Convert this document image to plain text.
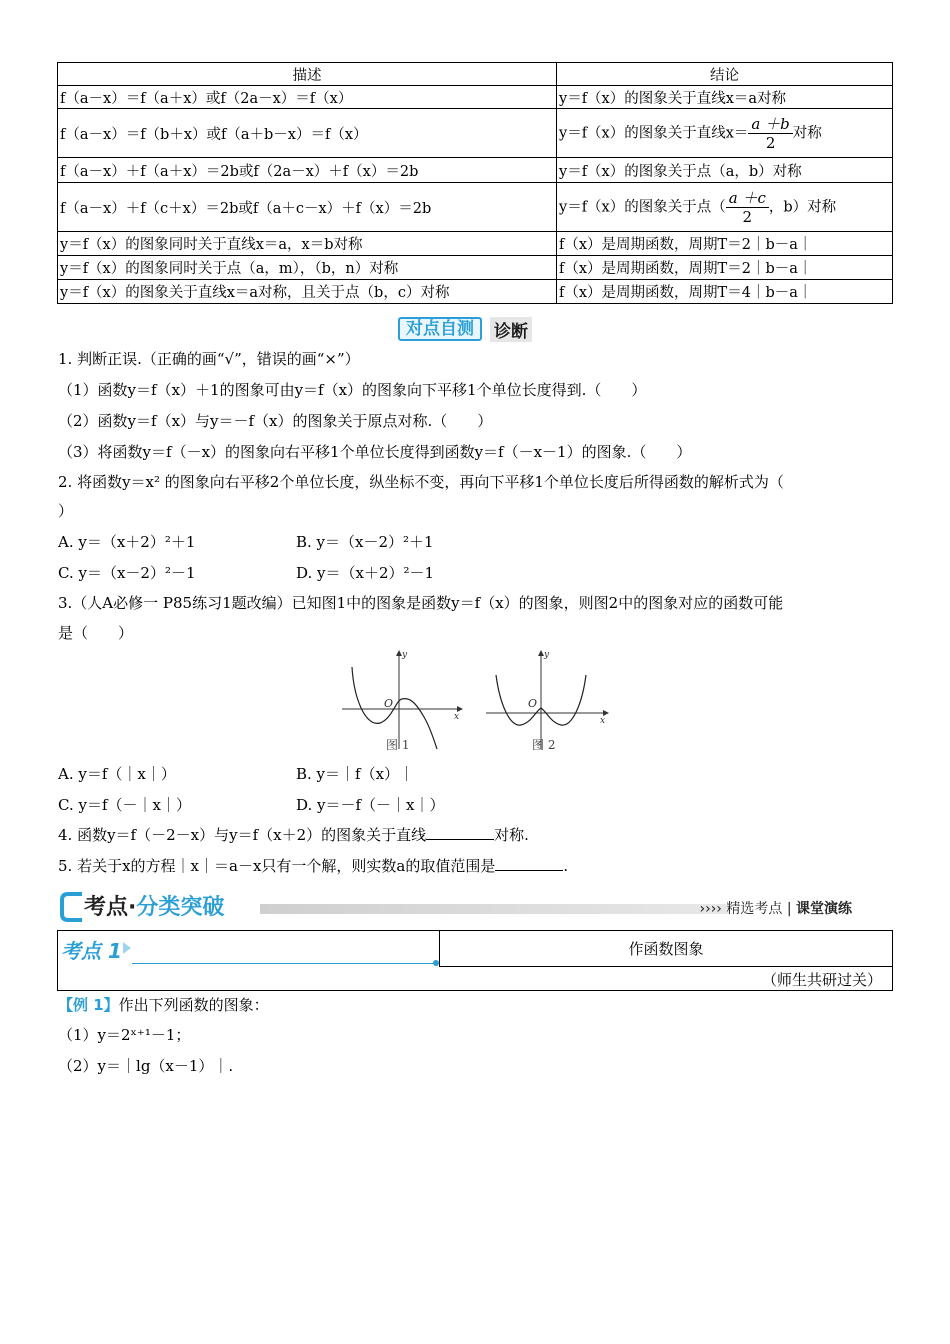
描述	结论
f（a－x）＝f（a＋x）或f（2a－x）＝f（x）	y＝f（x）的图象关于直线x＝a对称
f（a－x）＝f（b＋x）或f（a＋b－x）＝f（x）	y＝f（x）的图象关于直线$x= \frac{a +b}{2}$ 对称
f（a－x）＋f（a＋x）＝2b或f（2a－x）＋f（x）＝2b	y＝f（x）的图象关于点（a，b）对称
f（a－x）＋f（c＋x）＝2b或f（a＋c－x）＋f（x）＝2b	y＝f（x）的图象关于点（ $\frac{a +c}{2}$ ，b）对称
y＝f（x）的图象同时关于直线x＝a，x＝b对称	f（x）是周期函数，周期T＝2｜b－a｜
y＝f（x）的图象同时关于点（a，m），（b，n）对称	f（x）是周期函数，周期T＝2｜b－a｜
y＝f（x）的图象关于直线x＝a对称，且关于点（b，c）对称	f（x）是周期函数，周期T＝4｜b－a｜
对点自测	诊断
1. 判断正误.（正确的画“√”，错误的画“×”）
（1）函数y＝f（x）＋1的图象可由y＝f（x）的图象向下平移1个单位长度得到.（　　）
（2）函数y＝f（x）与y＝－f（x）的图象关于原点对称.（　　）
（3）将函数y＝f（－x）的图象向右平移1个单位长度得到函数y＝f（－x－1）的图象.（　　）
2. 将函数y＝x² 的图象向右平移2个单位长度，纵坐标不变，再向下平移1个单位长度后所得函数的解析式为（
）
A. y＝（x＋2）²＋1	B. y＝（x－2）²＋1
C. y＝（x－2）²－1	D. y＝（x＋2）²－1
3.（人A必修一 P85练习1题改编）已知图1中的图象是函数y＝f（x）的图象，则图2中的图象对应的函数可能
是（　　）
y
x
O
图 1
y
x
O
图 2
A. y＝f（｜x｜）	B. y＝｜f（x）｜
C. y＝f（－｜x｜）	D. y＝－f（－｜x｜）
4. 函数y＝f（－2－x）与y＝f（x＋2）的图象关于直线	对称.
5. 若关于x的方程｜x｜＝a－x只有一个解，则实数a的取值范围是	.
考点·分类突破	›››› 精选考点 | 课堂演练
考点 1	作函数图象
（师生共研过关）
【例 1】作出下列函数的图象：
（1）y＝2ˣ⁺¹－1；
（2）y＝｜lg（x－1）｜.
